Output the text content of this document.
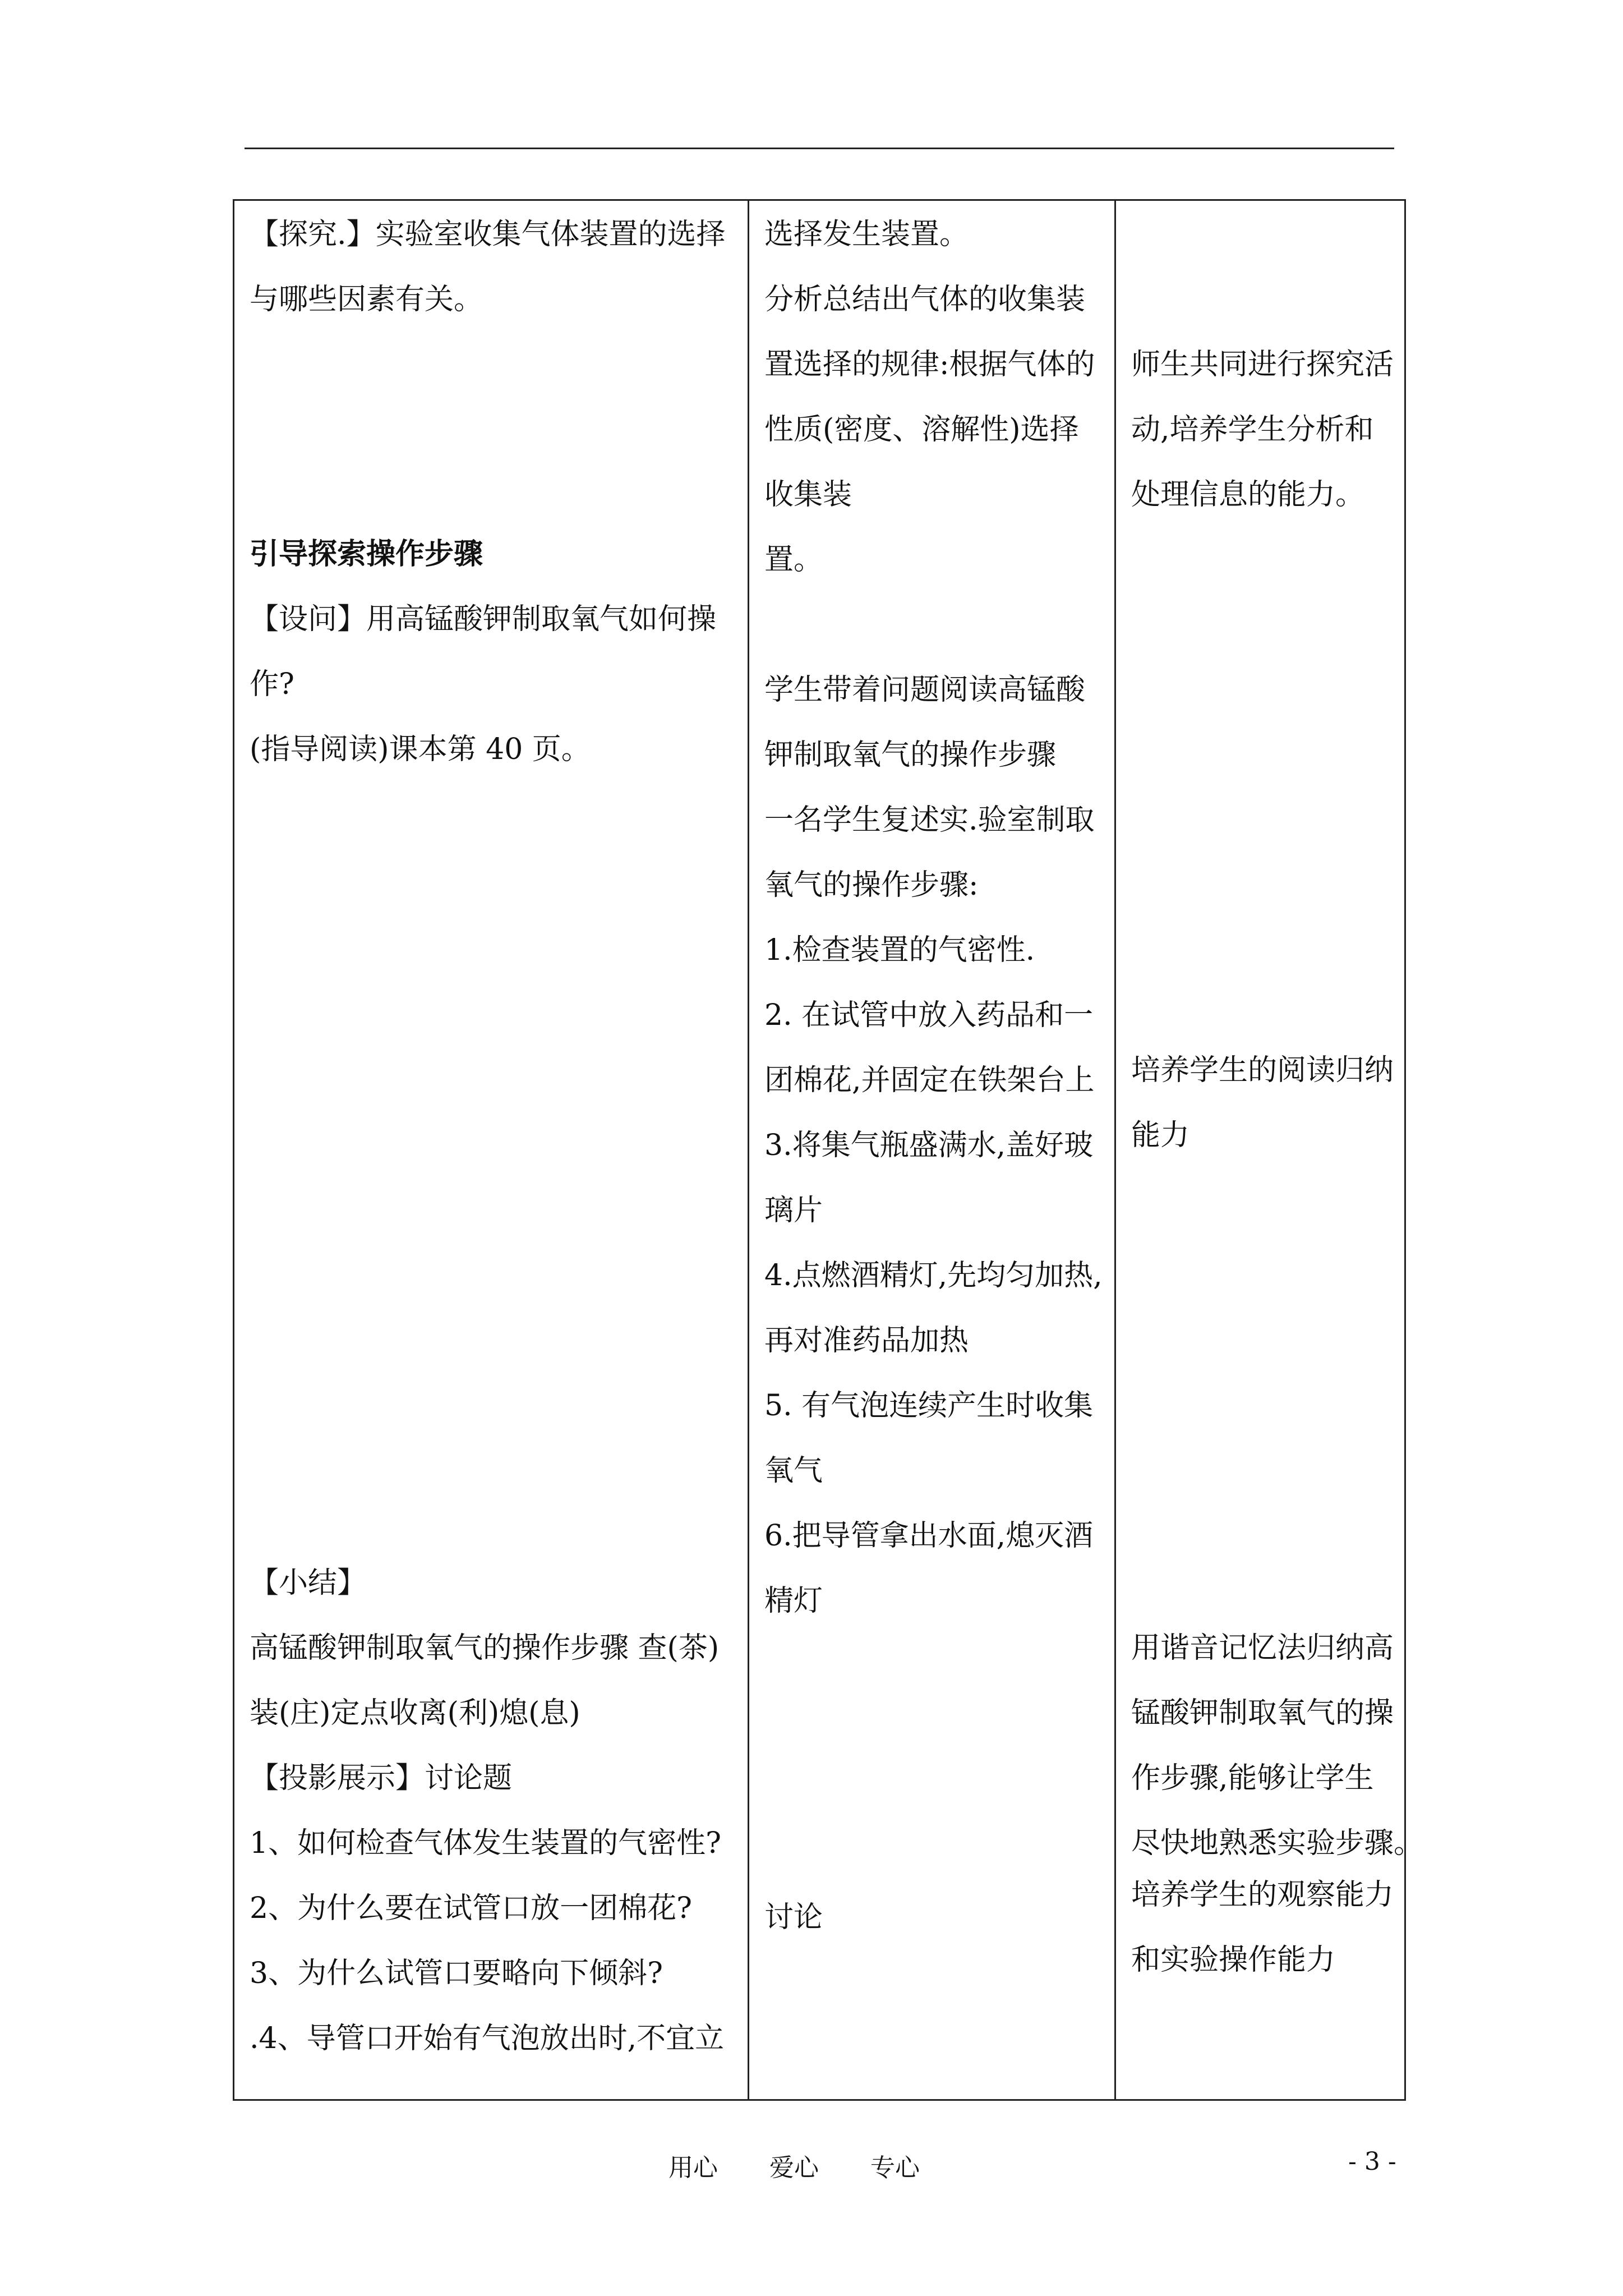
【探究.】实验室收集气体装置的选择
与哪些因素有关。
引导探索操作步骤
【设问】用高锰酸钾制取氧气如何操
作?
(指导阅读)课本第 40 页。
【小结】
高锰酸钾制取氧气的操作步骤 查(茶)
装(庄)定点收离(利)熄(息)
【投影展示】讨论题
1、如何检查气体发生装置的气密性?
2、为什么要在试管口放一团棉花?
3、为什么试管口要略向下倾斜?
.4、导管口开始有气泡放出时,不宜立
选择发生装置。
分析总结出气体的收集装
置选择的规律:根据气体的
性质(密度、溶解性)选择
收集装
置。
学生带着问题阅读高锰酸
钾制取氧气的操作步骤
一名学生复述实.验室制取
氧气的操作步骤:
1.检查装置的气密性.
2. 在试管中放入药品和一
团棉花,并固定在铁架台上
3.将集气瓶盛满水,盖好玻
璃片
4.点燃酒精灯,先均匀加热,
再对准药品加热
5. 有气泡连续产生时收集
氧气
6.把导管拿出水面,熄灭酒
精灯
讨论
师生共同进行探究活
动,培养学生分析和
处理信息的能力。
培养学生的阅读归纳
能力
用谐音记忆法归纳高
锰酸钾制取氧气的操
作步骤,能够让学生
尽快地熟悉实验步骤。
培养学生的观察能力
和实验操作能力
用心 爱心 专心	- 3 -
